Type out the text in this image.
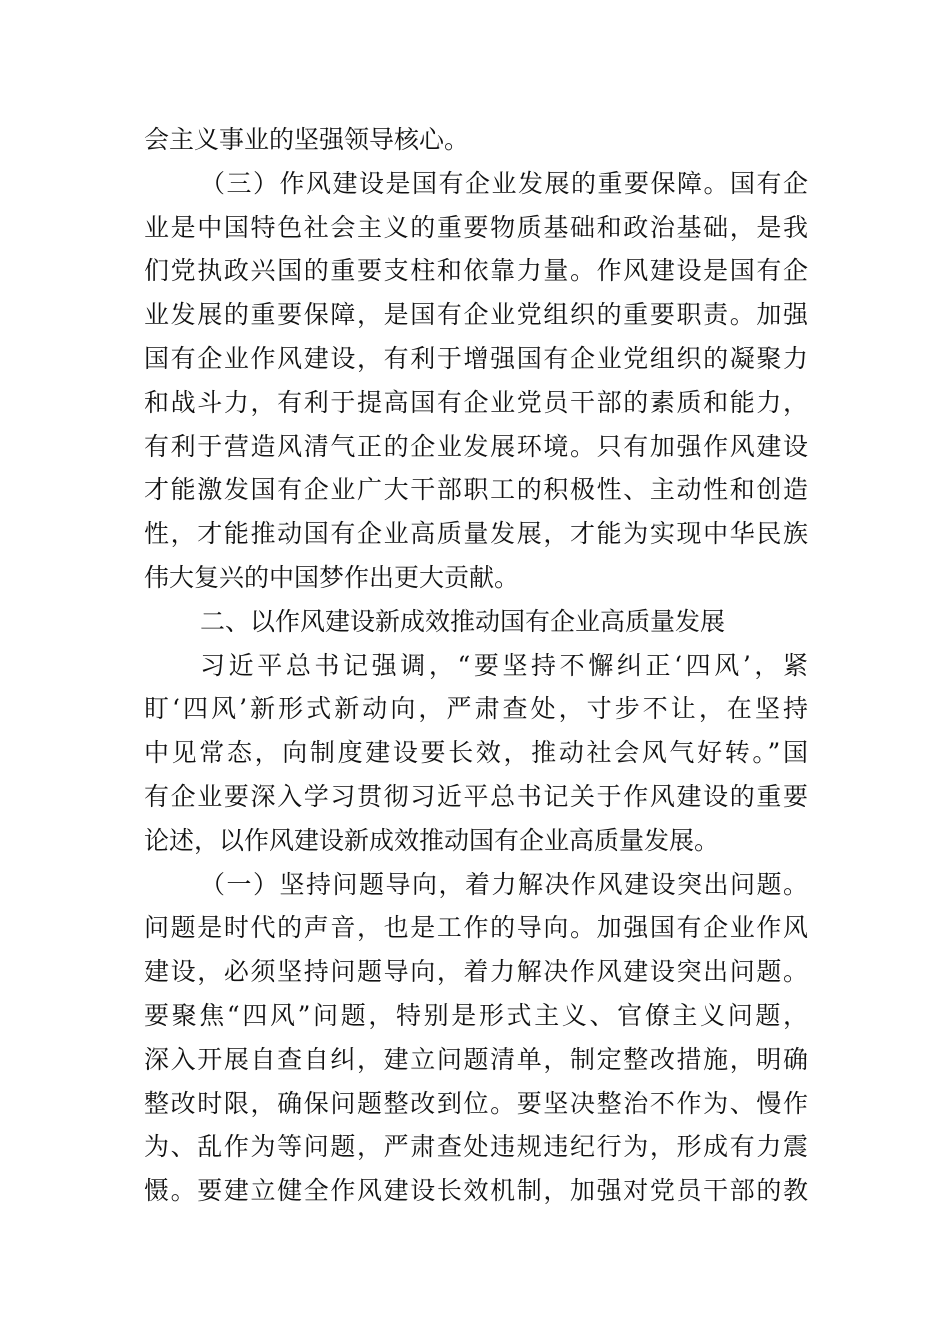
会主义事业的坚强领导核心。
（三）作风建设是国有企业发展的重要保障。国有企
业是中国特色社会主义的重要物质基础和政治基础，是我
们党执政兴国的重要支柱和依靠力量。作风建设是国有企
业发展的重要保障，是国有企业党组织的重要职责。加强
国有企业作风建设，有利于增强国有企业党组织的凝聚力
和战斗力，有利于提高国有企业党员干部的素质和能力，
有利于营造风清气正的企业发展环境。只有加强作风建设
才能激发国有企业广大干部职工的积极性、主动性和创造
性，才能推动国有企业高质量发展，才能为实现中华民族
伟大复兴的中国梦作出更大贡献。
二、以作风建设新成效推动国有企业高质量发展
习近平总书记强调，“要坚持不懈纠正‘四风’，紧
盯‘四风’新形式新动向，严肃查处，寸步不让，在坚持
中见常态，向制度建设要长效，推动社会风气好转。”国
有企业要深入学习贯彻习近平总书记关于作风建设的重要
论述，以作风建设新成效推动国有企业高质量发展。
（一）坚持问题导向，着力解决作风建设突出问题。
问题是时代的声音，也是工作的导向。加强国有企业作风
建设，必须坚持问题导向，着力解决作风建设突出问题。
要聚焦“四风”问题，特别是形式主义、官僚主义问题，
深入开展自查自纠，建立问题清单，制定整改措施，明确
整改时限，确保问题整改到位。要坚决整治不作为、慢作
为、乱作为等问题，严肃查处违规违纪行为，形成有力震
慑。要建立健全作风建设长效机制，加强对党员干部的教
